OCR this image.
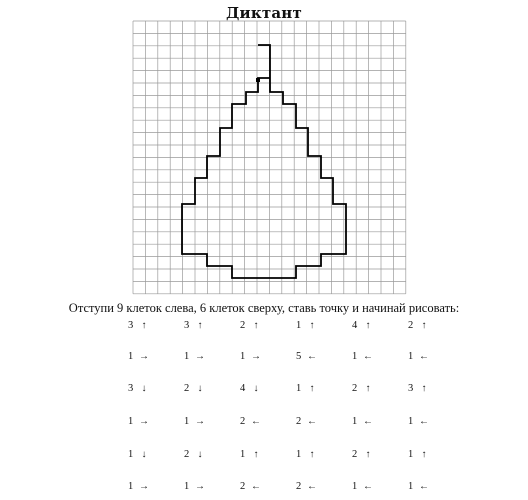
Диктант
Отступи 9 клеток слева, 6 клеток сверху, ставь точку и начинай рисовать:
3 ↑	3 ↑	2 ↑	1 ↑	4 ↑	2 ↑
1 →	1 →	1 →	5 ←	1 ←	1 ←
3 ↓	2 ↓	4 ↓	1 ↑	2 ↑	3 ↑
1 →	1 →	2 ←	2 ←	1 ←	1 ←
1 ↓	2 ↓	1 ↑	1 ↑	2 ↑	1 ↑
1 →	1 →	2 ←	2 ←	1 ←	1 ←
